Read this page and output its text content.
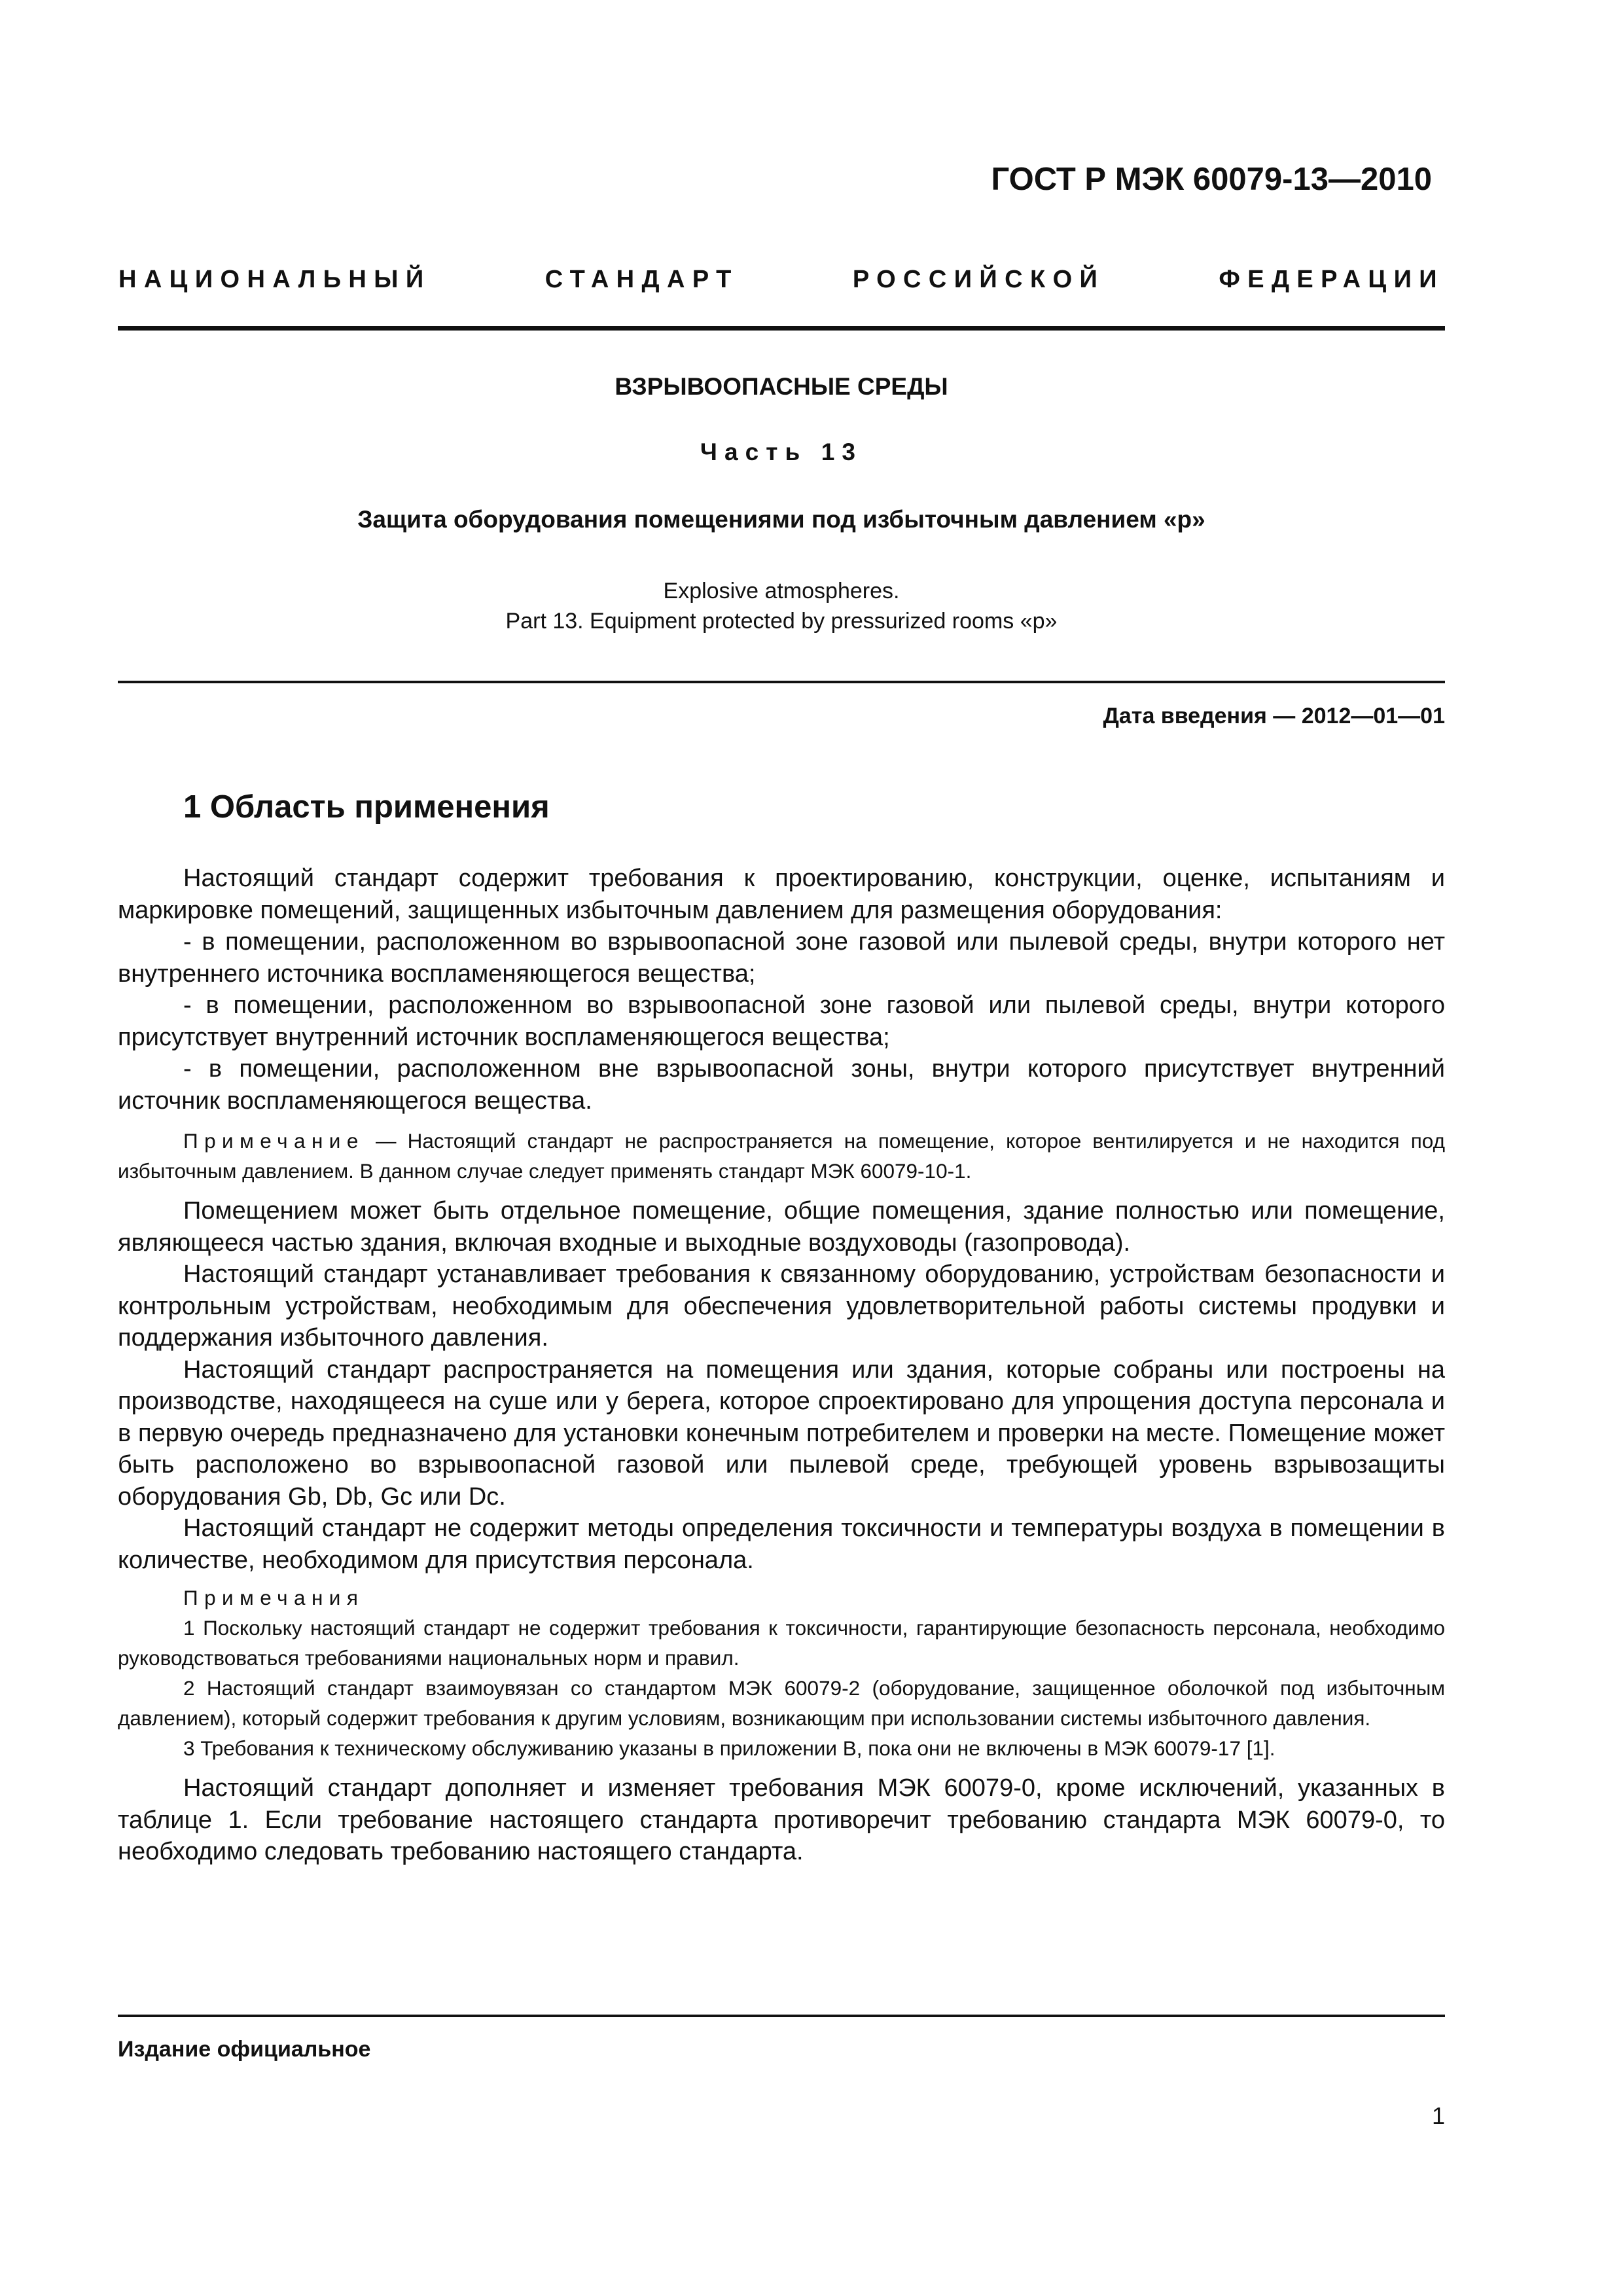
ГОСТ Р МЭК 60079-13—2010
НАЦИОНАЛЬНЫЙ СТАНДАРТ РОССИЙСКОЙ ФЕДЕРАЦИИ
ВЗРЫВООПАСНЫЕ СРЕДЫ
Часть 13
Защита оборудования помещениями под избыточным давлением «р»
Explosive atmospheres.
Part 13. Equipment protected by pressurized rooms «p»
Дата введения — 2012—01—01
1 Область применения

Настоящий стандарт содержит требования к проектированию, конструкции, оценке, испытаниям и маркировке помещений, защищенных избыточным давлением для размещения оборудования:

- в помещении, расположенном во взрывоопасной зоне газовой или пылевой среды, внутри которого нет внутреннего источника воспламеняющегося вещества;

- в помещении, расположенном во взрывоопасной зоне газовой или пылевой среды, внутри которого присутствует внутренний источник воспламеняющегося вещества;

- в помещении, расположенном вне взрывоопасной зоны, внутри которого присутствует внутренний источник воспламеняющегося вещества.

Примечание — Настоящий стандарт не распространяется на помещение, которое вентилируется и не находится под избыточным давлением. В данном случае следует применять стандарт МЭК 60079-10-1.

Помещением может быть отдельное помещение, общие помещения, здание полностью или помещение, являющееся частью здания, включая входные и выходные воздуховоды (газопровода).

Настоящий стандарт устанавливает требования к связанному оборудованию, устройствам безопасности и контрольным устройствам, необходимым для обеспечения удовлетворительной работы системы продувки и поддержания избыточного давления.

Настоящий стандарт распространяется на помещения или здания, которые собраны или построены на производстве, находящееся на суше или у берега, которое спроектировано для упрощения доступа персонала и в первую очередь предназначено для установки конечным потребителем и проверки на месте. Помещение может быть расположено во взрывоопасной газовой или пылевой среде, требующей уровень взрывозащиты оборудования Gb, Db, Gc или Dc.

Настоящий стандарт не содержит методы определения токсичности и температуры воздуха в помещении в количестве, необходимом для присутствия персонала.

Примечания

1 Поскольку настоящий стандарт не содержит требования к токсичности, гарантирующие безопасность персонала, необходимо руководствоваться требованиями национальных норм и правил.

2 Настоящий стандарт взаимоувязан со стандартом МЭК 60079-2 (оборудование, защищенное оболочкой под избыточным давлением), который содержит требования к другим условиям, возникающим при использовании системы избыточного давления.

3 Требования к техническому обслуживанию указаны в приложении В, пока они не включены в МЭК 60079-17 [1].

Настоящий стандарт дополняет и изменяет требования МЭК 60079-0, кроме исключений, указанных в таблице 1. Если требование настоящего стандарта противоречит требованию стандарта МЭК 60079-0, то необходимо следовать требованию настоящего стандарта.

Издание официальное
1
